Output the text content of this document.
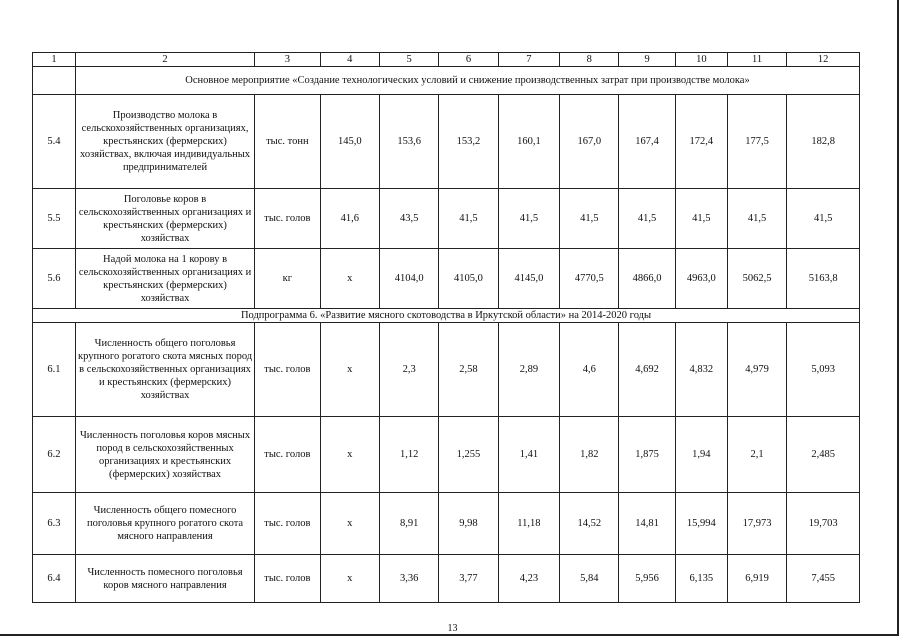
1	2	3	4	5	6	7	8	9	10	11	12
	Основное мероприятие «Создание технологических условий и снижение производственных затрат при производстве молока»										
5.4	Производство молока в сельскохозяйственных организациях, крестьянских (фермерских) хозяйствах, включая индивидуальных предпринимателей	тыс. тонн	145,0	153,6	153,2	160,1	167,0	167,4	172,4	177,5	182,8
5.5	Поголовье коров в сельскохозяйственных организациях и крестьянских (фермерских) хозяйствах	тыс. голов	41,6	43,5	41,5	41,5	41,5	41,5	41,5	41,5	41,5
5.6	Надой молока на 1 корову в сельскохозяйственных организациях и крестьянских (фермерских) хозяйствах	кг	х	4104,0	4105,0	4145,0	4770,5	4866,0	4963,0	5062,5	5163,8
Подпрограмма 6. «Развитие мясного скотоводства в Иркутской области» на 2014-2020 годы											
6.1	Численность общего поголовья крупного рогатого скота мясных пород в сельскохозяйственных организациях и крестьянских (фермерских) хозяйствах	тыс. голов	х	2,3	2,58	2,89	4,6	4,692	4,832	4,979	5,093
6.2	Численность поголовья коров мясных пород в сельскохозяйственных организациях и крестьянских (фермерских) хозяйствах	тыс. голов	х	1,12	1,255	1,41	1,82	1,875	1,94	2,1	2,485
6.3	Численность общего помесного поголовья крупного рогатого скота мясного направления	тыс. голов	х	8,91	9,98	11,18	14,52	14,81	15,994	17,973	19,703
6.4	Численность помесного поголовья коров мясного направления	тыс. голов	х	3,36	3,77	4,23	5,84	5,956	6,135	6,919	7,455
13
